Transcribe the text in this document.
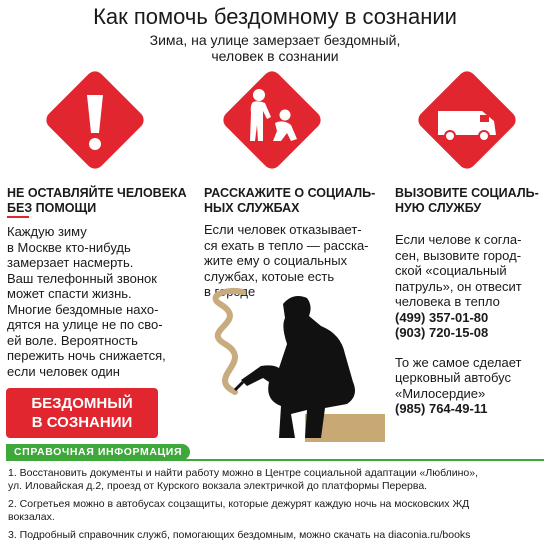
Как помочь бездомному в сознании
Зима, на улице замерзает бездомный,
человек в сознании
НЕ ОСТАВЛЯЙТЕ ЧЕЛОВЕКА
БЕЗ ПОМОЩИ
Каждую зиму
в Москве кто-нибудь
замерзает насмерть.
Ваш телефонный звонок
может спасти жизнь.
Многие бездомные нахо-
дятся на улице не по сво-
ей воле. Вероятность
пережить ночь снижается,
если человек один
РАССКАЖИТЕ О СОЦИАЛЬ-
НЫХ СЛУЖБАХ
Если человек отказывает-
ся ехать в тепло — расска-
жите ему о социальных
службах, котоые есть
в городе
ВЫЗОВИТЕ СОЦИАЛЬ-
НУЮ СЛУЖБУ
Если челове к согла-
сен, вызовите город-
ской «социальный
патруль», он отвесит
человека в тепло
(499) 357-01-80
(903) 720-15-08
То же самое сделает
церковный автобус
«Милосердие»
(985) 764-49-11
БЕЗДОМНЫЙ
В СОЗНАНИИ
СПРАВОЧНАЯ ИНФОРМАЦИЯ
1. Восстановить документы и найти работу можно в Центре социальной адаптации «Люблино»,
ул. Иловайская д.2, проезд от Курского вокзала электричкой до платформы Перерва.
2. Согретьея можно в автобусах соцзащиты, которые дежурят каждую ночь на московских ЖД
вокзалах.
3. Подробный справочник служб, помогающих бездомным, можно скачать на diaconia.ru/books
